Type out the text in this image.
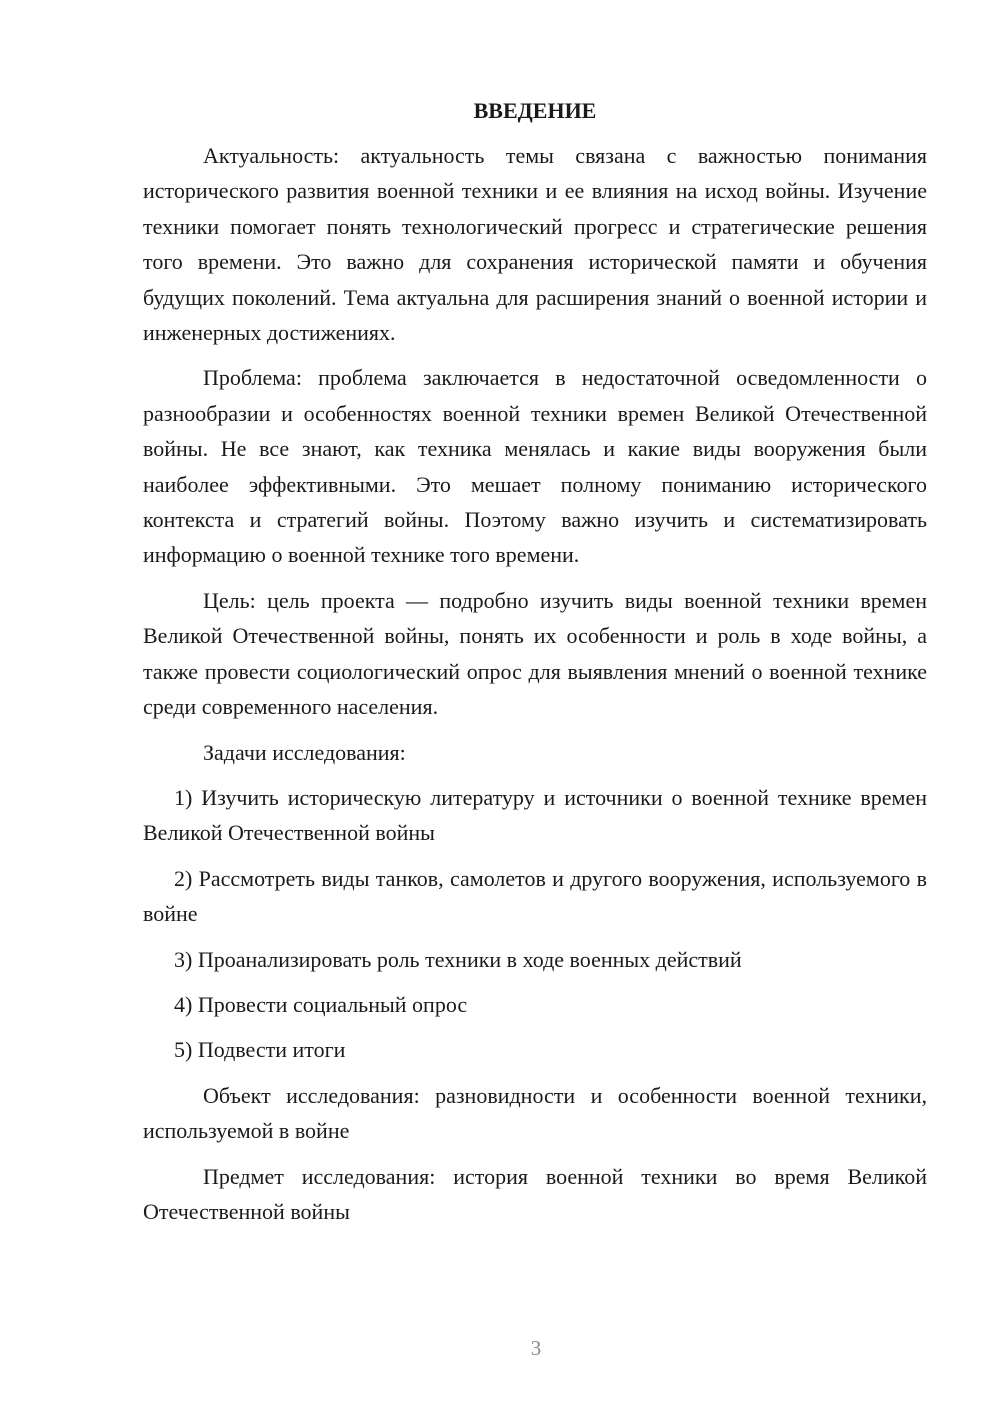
ВВЕДЕНИЕ

Актуальность: актуальность темы связана с важностью понимания исторического развития военной техники и ее влияния на исход войны. Изучение техники помогает понять технологический прогресс и стратегические решения того времени. Это важно для сохранения исторической памяти и обучения будущих поколений. Тема актуальна для расширения знаний о военной истории и инженерных достижениях.

Проблема: проблема заключается в недостаточной осведомленности о разнообразии и особенностях военной техники времен Великой Отечественной войны. Не все знают, как техника менялась и какие виды вооружения были наиболее эффективными. Это мешает полному пониманию исторического контекста и стратегий войны. Поэтому важно изучить и систематизировать информацию о военной технике того времени.

Цель: цель проекта — подробно изучить виды военной техники времен Великой Отечественной войны, понять их особенности и роль в ходе войны, а также провести социологический опрос для выявления мнений о военной технике среди современного населения.

Задачи исследования:

1) Изучить историческую литературу и источники о военной технике времен Великой Отечественной войны

2) Рассмотреть виды танков, самолетов и другого вооружения, используемого в войне

3) Проанализировать роль техники в ходе военных действий

4) Провести социальный опрос

5) Подвести итоги

Объект исследования: разновидности и особенности военной техники, используемой в войне

Предмет исследования: история военной техники во время Великой Отечественной войны

3
